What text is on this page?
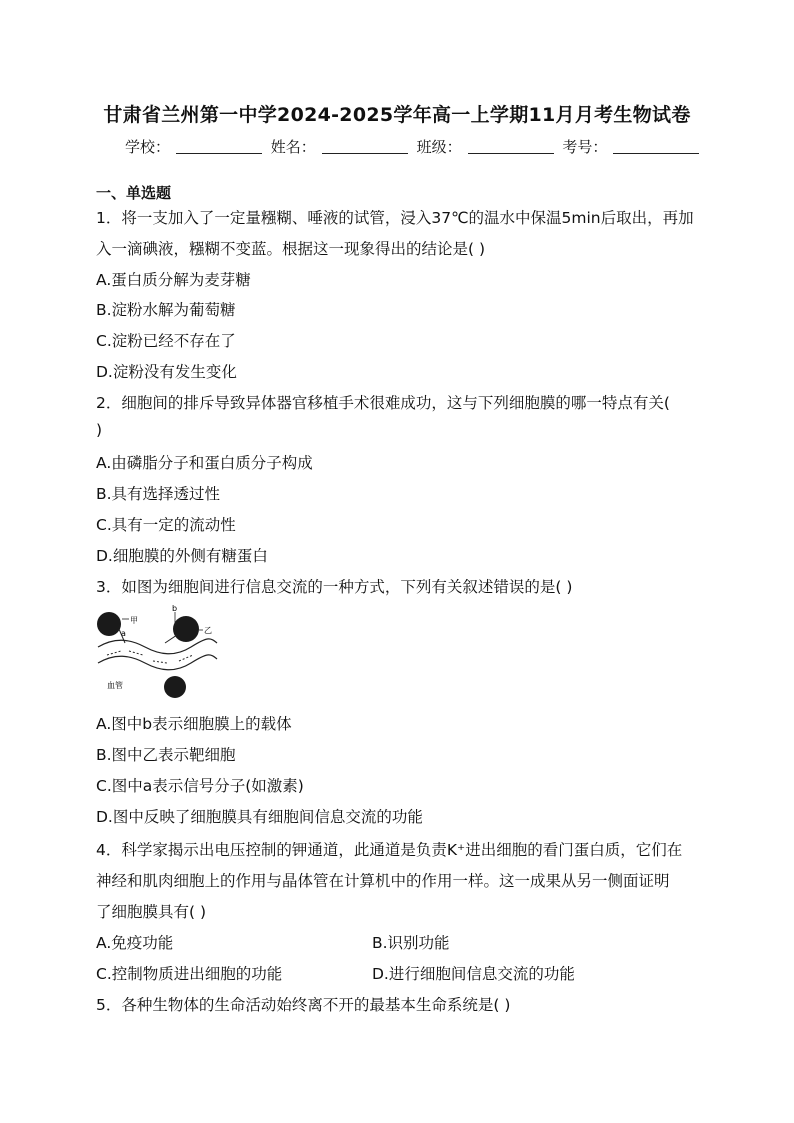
甘肃省兰州第一中学2024-2025学年高一上学期11月月考生物试卷
学校：	姓名：	班级：	考号：
一、单选题
1．将一支加入了一定量糨糊、唾液的试管，浸入37℃的温水中保温5min后取出，再加
入一滴碘液，糨糊不变蓝。根据这一现象得出的结论是( )
A.蛋白质分解为麦芽糖
B.淀粉水解为葡萄糖
C.淀粉已经不存在了
D.淀粉没有发生变化
2．细胞间的排斥导致异体器官移植手术很难成功，这与下列细胞膜的哪一特点有关(
)
A.由磷脂分子和蛋白质分子构成
B.具有选择透过性
C.具有一定的流动性
D.细胞膜的外侧有糖蛋白
3．如图为细胞间进行信息交流的一种方式，下列有关叙述错误的是( )
甲
乙
a
b
血管
A.图中b表示细胞膜上的载体
B.图中乙表示靶细胞
C.图中a表示信号分子(如激素)
D.图中反映了细胞膜具有细胞间信息交流的功能
4．科学家揭示出电压控制的钾通道，此通道是负责K⁺进出细胞的看门蛋白质，它们在
神经和肌肉细胞上的作用与晶体管在计算机中的作用一样。这一成果从另一侧面证明
了细胞膜具有( )
A.免疫功能	B.识别功能
C.控制物质进出细胞的功能	D.进行细胞间信息交流的功能
5．各种生物体的生命活动始终离不开的最基本生命系统是( )
